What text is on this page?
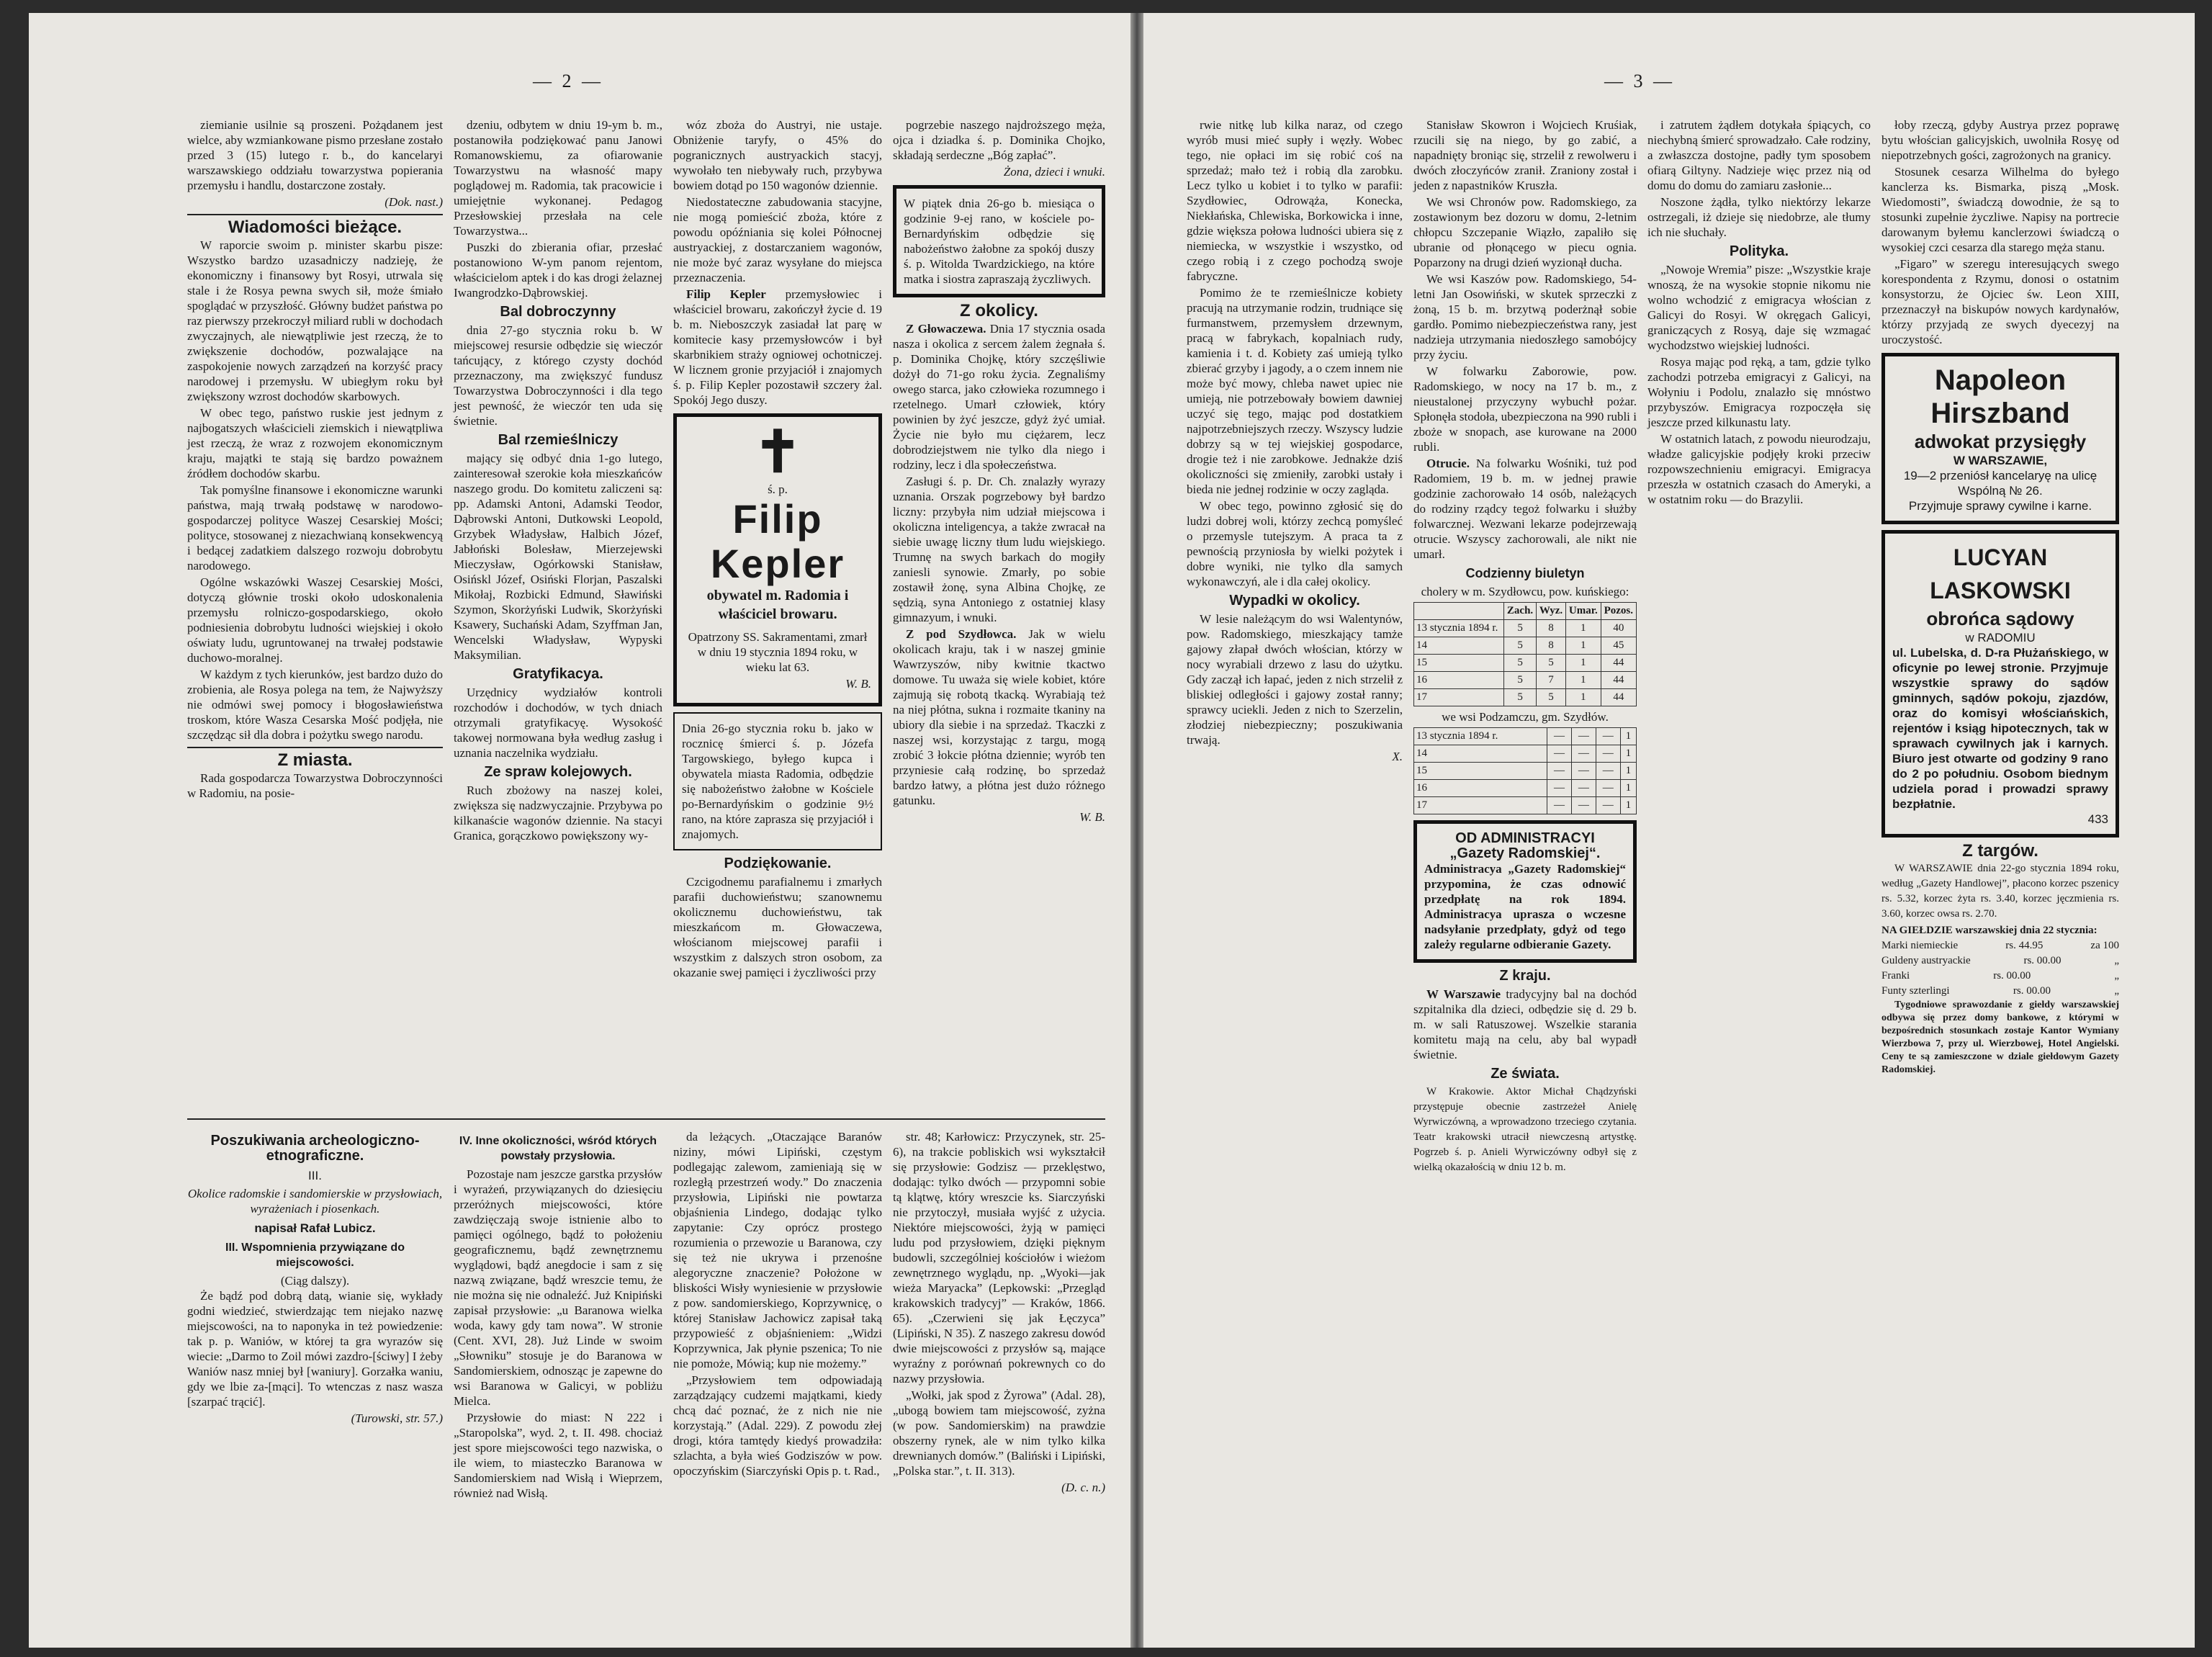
— 2 —

ziemianie usilnie są proszeni. Pożądanem jest wielce, aby wzmiankowane pismo przesłane zostało przed 3 (15) lutego r. b., do kancelaryi warszawskiego oddziału towarzystwa popierania przemysłu i handlu, dostarczone zostały.

(Dok. nast.)
Wiadomości bieżące.

W raporcie swoim p. minister skarbu pisze: Wszystko bardzo uzasadniczy nadzieję, że ekonomiczny i finansowy byt Rosyi, utrwala się stale i że Rosya pewna swych sił, może śmiało spoglądać w przyszłość. Główny budżet państwa po raz pierwszy przekroczył miliard rubli w dochodach zwyczajnych, ale niewątpliwie jest rzeczą, że to zwiększenie dochodów, pozwalające na zaspokojenie nowych zarządzeń na korzyść pracy narodowej i przemysłu. W ubiegłym roku był zwiększony wzrost dochodów skarbowych.

W obec tego, państwo ruskie jest jednym z najbogatszych właścicieli ziemskich i niewątpliwa jest rzeczą, że wraz z rozwojem ekonomicznym kraju, majątki te stają się bardzo poważnem źródłem dochodów skarbu.

Tak pomyślne finansowe i ekonomiczne warunki państwa, mają trwałą podstawę w narodowo-gospodarczej polityce Waszej Cesarskiej Mości; polityce, stosowanej z niezachwianą konsekwencyą i bedącej zadatkiem dalszego rozwoju dobrobytu narodowego.

Ogólne wskazówki Waszej Cesarskiej Mości, dotyczą głównie troski około udoskonalenia przemysłu rolniczo-gospodarskiego, około podniesienia dobrobytu ludności wiejskiej i około oświaty ludu, ugruntowanej na trwałej podstawie duchowo-moralnej.

W każdym z tych kierunków, jest bardzo dużo do zrobienia, ale Rosya polega na tem, że Najwyższy nie odmówi swej pomocy i błogosławieństwa troskom, które Wasza Cesarska Mość podjęła, nie szczędząc sił dla dobra i pożytku swego narodu.

Z miasta.

Rada gospodarcza Towarzystwa Dobroczynności w Radomiu, na posie-

dzeniu, odbytem w dniu 19-ym b. m., postanowiła podziękować panu Janowi Romanowskiemu, za ofiarowanie Towarzystwu na własność mapy poglądowej m. Radomia, tak pracowicie i umiejętnie wykonanej. Pedagog Przesłowskiej przesłała na cele Towarzystwa...

Puszki do zbierania ofiar, przesłać postanowiono W-ym panom rejentom, właścicielom aptek i do kas drogi żelaznej Iwangrodzko-Dąbrowskiej.

Bal dobroczynny

dnia 27-go stycznia roku b. W miejscowej resursie odbędzie się wieczór tańcujący, z którego czysty dochód przeznaczony, ma zwiększyć fundusz Towarzystwa Dobroczynności i dla tego jest pewność, że wieczór ten uda się świetnie.

Bal rzemieślniczy

mający się odbyć dnia 1-go lutego, zainteresował szerokie koła mieszkańców naszego grodu. Do komitetu zaliczeni są: pp. Adamski Antoni, Adamski Teodor, Dąbrowski Antoni, Dutkowski Leopold, Grzybek Władysław, Halbich Józef, Jabłoński Bolesław, Mierzejewski Mieczysław, Ogórkowski Stanisław, Osińskl Józef, Osiński Florjan, Paszalski Mikołaj, Rozbicki Edmund, Sławiński Szymon, Skorżyński Ludwik, Skorżyński Ksawery, Suchański Adam, Szyffman Jan, Wencelski Władysław, Wypyski Maksymilian.

Gratyfikacya.

Urzędnicy wydziałów kontroli rozchodów i dochodów, w tych dniach otrzymali gratyfikacyę. Wysokość takowej normowana była według zasług i uznania naczelnika wydziału.

Ze spraw kolejowych.

Ruch zbożowy na naszej kolei, zwiększa się nadzwyczajnie. Przybywa po kilkanaście wagonów dziennie. Na stacyi Granica, gorączkowo powiększony wy-

wóz zboża do Austryi, nie ustaje. Obniżenie taryfy, o 45% do pogranicznych austryackich stacyj, wywołało ten niebywały ruch, przybywa bowiem dotąd po 150 wagonów dziennie.

Niedostateczne zabudowania stacyjne, nie mogą pomieścić zboża, które z powodu opóźniania się kolei Północnej austryackiej, z dostarczaniem wagonów, nie może być zaraz wysyłane do miejsca przeznaczenia.

Filip Kepler przemysłowiec i właściciel browaru, zakończył życie d. 19 b. m. Nieboszczyk zasiadał lat parę w komitecie kasy przemysłowców i był skarbnikiem straży ogniowej ochotniczej. W licznem gronie przyjaciół i znajomych ś. p. Filip Kepler pozostawił szczery żal. Spokój Jego duszy.

✝
ś. p.
Filip Kepler
obywatel m. Radomia i właściciel browaru.
Opatrzony SS. Sakramentami, zmarł w dniu 19 stycznia 1894 roku, w wieku lat 63.
W. B.
Dnia 26-go stycznia roku b. jako w rocznicę śmierci ś. p. Józefa Targowskiego, byłego kupca i obywatela miasta Radomia, odbędzie się nabożeństwo żałobne w Kościele po-Bernardyńskim o godzinie 9½ rano, na które zaprasza się przyjaciół i znajomych.
Podziękowanie.

Czcigodnemu parafialnemu i zmarłych parafii duchowieństwu; szanownemu okolicznemu duchowieństwu, tak mieszkańcom m. Głowaczewa, włościanom miejscowej parafii i wszystkim z dalszych stron osobom, za okazanie swej pamięci i życzliwości przy

pogrzebie naszego najdroższego męża, ojca i dziadka ś. p. Dominika Chojko, składają serdeczne „Bóg zapłać”.

Żona, dzieci i wnuki.
W piątek dnia 26-go b. miesiąca o godzinie 9-ej rano, w kościele po-Bernardyńskim odbędzie się nabożeństwo żałobne za spokój duszy ś. p. Witolda Twardzickiego, na które matka i siostra zapraszają życzliwych.
Z okolicy.

Z Głowaczewa. Dnia 17 stycznia osada nasza i okolica z sercem żalem żegnała ś. p. Dominika Chojkę, który szczęśliwie dożył do 71-go roku życia. Zegnaliśmy owego starca, jako człowieka rozumnego i rzetelnego. Umarł człowiek, który powinien by żyć jeszcze, gdyż żyć umiał. Życie nie było mu ciężarem, lecz dobrodziejstwem nie tylko dla niego i rodziny, lecz i dla społeczeństwa.

Zasługi ś. p. Dr. Ch. znalazły wyrazy uznania. Orszak pogrzebowy był bardzo liczny: przybyła nim udział miejscowa i okoliczna inteligencya, a także zwracał na siebie uwagę liczny tłum ludu wiejskiego. Trumnę na swych barkach do mogiły zaniesli synowie. Zmarły, po sobie zostawił żonę, syna Albina Chojkę, ze sędzią, syna Antoniego z ostatniej klasy gimnazyum, i wnuki.

Z pod Szydłowca. Jak w wielu okolicach kraju, tak i w naszej gminie Wawrzyszów, niby kwitnie tkactwo domowe. Tu uważa się wiele kobiet, które zajmują się robotą tkacką. Wyrabiają też na niej płótna, sukna i rozmaite tkaniny na ubiory dla siebie i na sprzedaż. Tkaczki z naszej wsi, korzystając z targu, mogą zrobić 3 łokcie płótna dziennie; wyrób ten przyniesie całą rodzinę, bo sprzedaż bardzo łatwy, a płótna jest dużo różnego gatunku.

W. B.
Poszukiwania archeologiczno-etnograficzne.
III.
Okolice radomskie i sandomierskie w przysłowiach, wyrażeniach i piosenkach.
napisał Rafał Lubicz.
III. Wspomnienia przywiązane do miejscowości.
(Ciąg dalszy).

Że bądź pod dobrą datą, wianie się, wykłady godni wiedzieć, stwierdzając tem niejako nazwę miejscowości, na to naponyka in też powiedzenie: tak p. p. Waniów, w której ta gra wyrazów się wiecie: „Darmo to Zoil mówi zazdro-[ściwy] I żeby Waniów nasz mniej był [waniury]. Gorzałka waniu, gdy we lbie za-[mąci]. To wtenczas z nasz wasza [szarpać trącić].

(Turowski, str. 57.)
IV. Inne okoliczności, wśród których powstały przysłowia.

Pozostaje nam jeszcze garstka przysłów i wyrażeń, przywiązanych do dziesięciu przeróżnych miejscowości, które zawdzięczają swoje istnienie albo to pamięci ogólnego, bądź to położeniu geograficznemu, bądź zewnętrznemu wyglądowi, bądź anegdocie i sam z się nazwą związane, bądź wreszcie temu, że nie można się nie odnaleźć. Już Knipiński zapisał przysłowie: „u Baranowa wielka woda, kawy gdy tam nowa”. W stronie (Cent. XVI, 28). Już Linde w swoim „Słowniku” stosuje je do Baranowa w Sandomierskiem, odnosząc je zapewne do wsi Baranowa w Galicyi, w pobliżu Mielca.

Przysłowie do miast: N 222 i „Staropolska”, wyd. 2, t. II. 498. chociaż jest spore miejscowości tego nazwiska, o ile wiem, to miasteczko Baranowa w Sandomierskiem nad Wisłą i Wieprzem, również nad Wisłą.

da leżących. „Otaczające Baranów niziny, mówi Lipiński, częstym podlegając zalewom, zamieniają się w rozległą przestrzeń wody.” Do znaczenia przysłowia, Lipiński nie powtarza objaśnienia Lindego, dodając tylko zapytanie: Czy oprócz prostego rozumienia o przewozie u Baranowa, czy się też nie ukrywa i przenośne alegoryczne znaczenie? Położone w bliskości Wisły wyniesienie w przysłowie z pow. sandomierskiego, Koprzywnicę, o której Stanisław Jachowicz zapisał taką przypowieść z objaśnieniem: „Widzi Koprzywnica, Jak płynie pszenica; To nie nie pomoże, Mówią; kup nie możemy.”

„Przysłowiem tem odpowiadają zarządzający cudzemi majątkami, kiedy chcą dać poznać, że z nich nie nie korzystają.” (Adal. 229). Z powodu złej drogi, która tamtędy kiedyś prowadziła: szlachta, a była wieś Godziszów w pow. opoczyńskim (Siarczyński Opis p. t. Rad.,

str. 48; Karłowicz: Przyczynek, str. 25-6), na trakcie pobliskich wsi wykształcił się przysłowie: Godzisz — przeklęstwo, dodając: tylko dwóch — przypomni sobie tą klątwę, który wreszcie ks. Siarczyński nie przytoczył, musiała wyjść z użycia. Niektóre miejscowości, żyją w pamięci ludu pod przysłowiem, dzięki pięknym budowli, szczególniej kościołów i wieżom zewnętrznego wyglądu, np. „Wyoki—jak wieża Maryacka” (Lepkowski: „Przegląd krakowskich tradycyj” — Kraków, 1866. 65). „Czerwieni się jak Łęczyca” (Lipiński, N 35). Z naszego zakresu dowód dwie miejscowości z przysłów są, mające wyraźny z porównań pokrewnych co do nazwy przysłowia.

„Wołki, jak spod z Żyrowa” (Adal. 28), „ubogą bowiem tam miejscowość, zyżna (w pow. Sandomierskim) na prawdzie obszerny rynek, ale w nim tylko kilka drewnianych domów.” (Baliński i Lipiński, „Polska star.”, t. II. 313).

(D. c. n.)
— 3 —

rwie nitkę lub kilka naraz, od czego wyrób musi mieć supły i węzły. Wobec tego, nie opłaci im się robić coś na sprzedaż; mało też i robią dla zarobku. Lecz tylko u kobiet i to tylko w parafii: Szydłowiec, Odrowąża, Konecka, Niekłańska, Chlewiska, Borkowicka i inne, gdzie większa połowa ludności ubiera się z niemiecka, w wszystkie i wszystko, od czego robią i z czego pochodzą swoje fabryczne.

Pomimo że te rzemieślnicze kobiety pracują na utrzymanie rodzin, trudniące się furmanstwem, przemysłem drzewnym, pracą w fabrykach, kopalniach rudy, kamienia i t. d. Kobiety zaś umieją tylko zbierać grzyby i jagody, a o czem innem nie może być mowy, chleba nawet upiec nie umieją, nie potrzebowały bowiem dawniej uczyć się tego, mając pod dostatkiem najpotrzebniejszych rzeczy. Wszyscy ludzie dobrzy są w tej wiejskiej gospodarce, drogie też i nie zarobkowe. Jednakże dziś okoliczności się zmieniły, zarobki ustały i bieda nie jednej rodzinie w oczy zagląda.

W obec tego, powinno zgłosić się do ludzi dobrej woli, którzy zechcą pomyśleć o przemysle tutejszym. A praca ta z pewnością przyniosła by wielki pożytek i dobre wyniki, nie tylko dla samych wykonawczyń, ale i dla całej okolicy.

Wypadki w okolicy.

W lesie należącym do wsi Walentynów, pow. Radomskiego, mieszkający tamże gajowy złapał dwóch włościan, którzy w nocy wyrabiali drzewo z lasu do użytku. Gdy zaczął ich łapać, jeden z nich strzelił z bliskiej odległości i gajowy został ranny; sprawcy uciekli. Jeden z nich to Szerzelin, złodziej niebezpieczny; poszukiwania trwają.

X.

Stanisław Skowron i Wojciech Kruśiak, rzucili się na niego, by go zabić, a napadnięty broniąc się, strzelił z rewolweru i dwóch złoczyńców zranił. Zraniony został i jeden z napastników Kruszła.

We wsi Chronów pow. Radomskiego, za zostawionym bez dozoru w domu, 2-letnim chłopcu Szczepanie Wiązło, zapaliło się ubranie od płonącego w piecu ognia. Poparzony na drugi dzień wyzionął ducha.

We wsi Kaszów pow. Radomskiego, 54-letni Jan Osowiński, w skutek sprzeczki z żoną, 15 b. m. brzytwą poderżnął sobie gardło. Pomimo niebezpieczeństwa rany, jest nadzieja utrzymania niedoszłego samobójcy przy życiu.

W folwarku Zaborowie, pow. Radomskiego, w nocy na 17 b. m., z nieustalonej przyczyny wybuchł pożar. Spłonęła stodoła, ubezpieczona na 990 rubli i zboże w snopach, ase kurowane na 2000 rubli.

Otrucie. Na folwarku Wośniki, tuż pod Radomiem, 19 b. m. w jednej prawie godzinie zachorowało 14 osób, należących do rodziny rządcy tegoż folwarku i służby folwarcznej. Wezwani lekarze podejrzewają otrucie. Wszyscy zachorowali, ale nikt nie umarł.

Codzienny biuletyn
cholery w m. Szydłowcu, pow. kuńskiego:
	Zach.	Wyz.	Umar.	Pozos.
13 stycznia 1894 r.	5	8	1	40
14	5	8	1	45
15	5	5	1	44
16	5	7	1	44
17	5	5	1	44
we wsi Podzamczu, gm. Szydłów.
13 stycznia 1894 r.	—	—	—	1
14	—	—	—	1
15	—	—	—	1
16	—	—	—	1
17	—	—	—	1
OD ADMINISTRACYI
„Gazety Radomskiej“.
Administracya „Gazety Radomskiej“ przypomina, że czas odnowić przedpłatę na rok 1894. Administracya uprasza o wczesne nadsyłanie przedpłaty, gdyż od tego zależy regularne odbieranie Gazety.
Z kraju.

W Warszawie tradycyjny bal na dochód szpitalnika dla dzieci, odbędzie się d. 29 b. m. w sali Ratuszowej. Wszelkie starania komitetu mają na celu, aby bal wypadł świetnie.

Ze świata.

W Krakowie. Aktor Michał Chądzyński przystępuje obecnie zastrzeżeł Anielę Wyrwiczówną, a wprowadzono trzeciego czytania. Teatr krakowski utracił niewczesną artystkę. Pogrzeb ś. p. Anieli Wyrwiczówny odbył się z wielką okazałością w dniu 12 b. m.

i zatrutem żądłem dotykała śpiących, co niechybną śmierć sprowadzało. Całe rodziny, a zwłaszcza dostojne, padły tym sposobem ofiarą Giltyny. Nadzieje więc przez nią od domu do domu do zamiaru zasłonie...

Noszone żądła, tylko niektórzy lekarze ostrzegali, iż dzieje się niedobrze, ale tłumy ich nie słuchały.

Polityka.

„Nowoje Wremia” pisze: „Wszystkie kraje wnoszą, że na wysokie stopnie nikomu nie wolno wchodzić z emigracya włościan z Galicyi do Rosyi. W okręgach Galicyi, graniczących z Rosyą, daje się wzmagać wychodzstwo wiejskiej ludności.

Rosya mając pod ręką, a tam, gdzie tylko zachodzi potrzeba emigracyi z Galicyi, na Wołyniu i Podolu, znalazło się mnóstwo przybyszów. Emigracya rozpoczęła się jeszcze przed kilkunastu laty.

W ostatnich latach, z powodu nieurodzaju, władze galicyjskie podjęły kroki przeciw rozpowszechnieniu emigracyi. Emigracya przeszła w ostatnich czasach do Ameryki, a w ostatnim roku — do Brazylii.

łoby rzeczą, gdyby Austrya przez poprawę bytu włościan galicyjskich, uwolniła Rosyę od niepotrzebnych gości, zagrożonych na granicy.

Stosunek cesarza Wilhelma do byłego kanclerza ks. Bismarka, piszą „Mosk. Wiedomosti”, świadczą dowodnie, że są to stosunki zupełnie życzliwe. Napisy na portrecie darowanym byłemu kanclerzowi świadczą o wysokiej czci cesarza dla starego męża stanu.

„Figaro” w szeregu interesujących swego korespondenta z Rzymu, donosi o ostatnim konsystorzu, że Ojciec św. Leon XIII, przeznaczył na biskupów nowych kardynałów, którzy przyjadą ze swych dyecezyj na uroczystość.

Napoleon Hirszband
adwokat przysięgły
W WARSZAWIE,
19—2 przeniósł kancelaryę na ulicę Wspólną № 26.
Przyjmuje sprawy cywilne i karne.
LUCYAN LASKOWSKI
obrońca sądowy
w RADOMIU
ul. Lubelska, d. D-ra Płużańskiego, w oficynie po lewej stronie. Przyjmuje wszystkie sprawy do sądów gminnych, sądów pokoju, zjazdów, oraz do komisyi włościańskich, rejentów i ksiąg hipotecznych, tak w sprawach cywilnych jak i karnych. Biuro jest otwarte od godziny 9 rano do 2 po południu. Osobom biednym udziela porad i prowadzi sprawy bezpłatnie.
433
Z targów.

W WARSZAWIE dnia 22-go stycznia 1894 roku, według „Gazety Handlowej”, płacono korzec pszenicy rs. 5.32, korzec żyta rs. 3.40, korzec jęczmienia rs. 3.60, korzec owsa rs. 2.70.

NA GIEŁDZIE warszawskiej dnia 22 stycznia:
Marki niemieckie	rs. 44.95	za 100
Guldeny austryackie	rs. 00.00	„
Franki	rs. 00.00	„
Funty szterlingi	rs. 00.00	„

Tygodniowe sprawozdanie z giełdy warszawskiej odbywa się przez domy bankowe, z którymi w bezpośrednich stosunkach zostaje Kantor Wymiany Wierzbowa 7, przy ul. Wierzbowej, Hotel Angielski. Ceny te są zamieszczone w dziale giełdowym Gazety Radomskiej.
